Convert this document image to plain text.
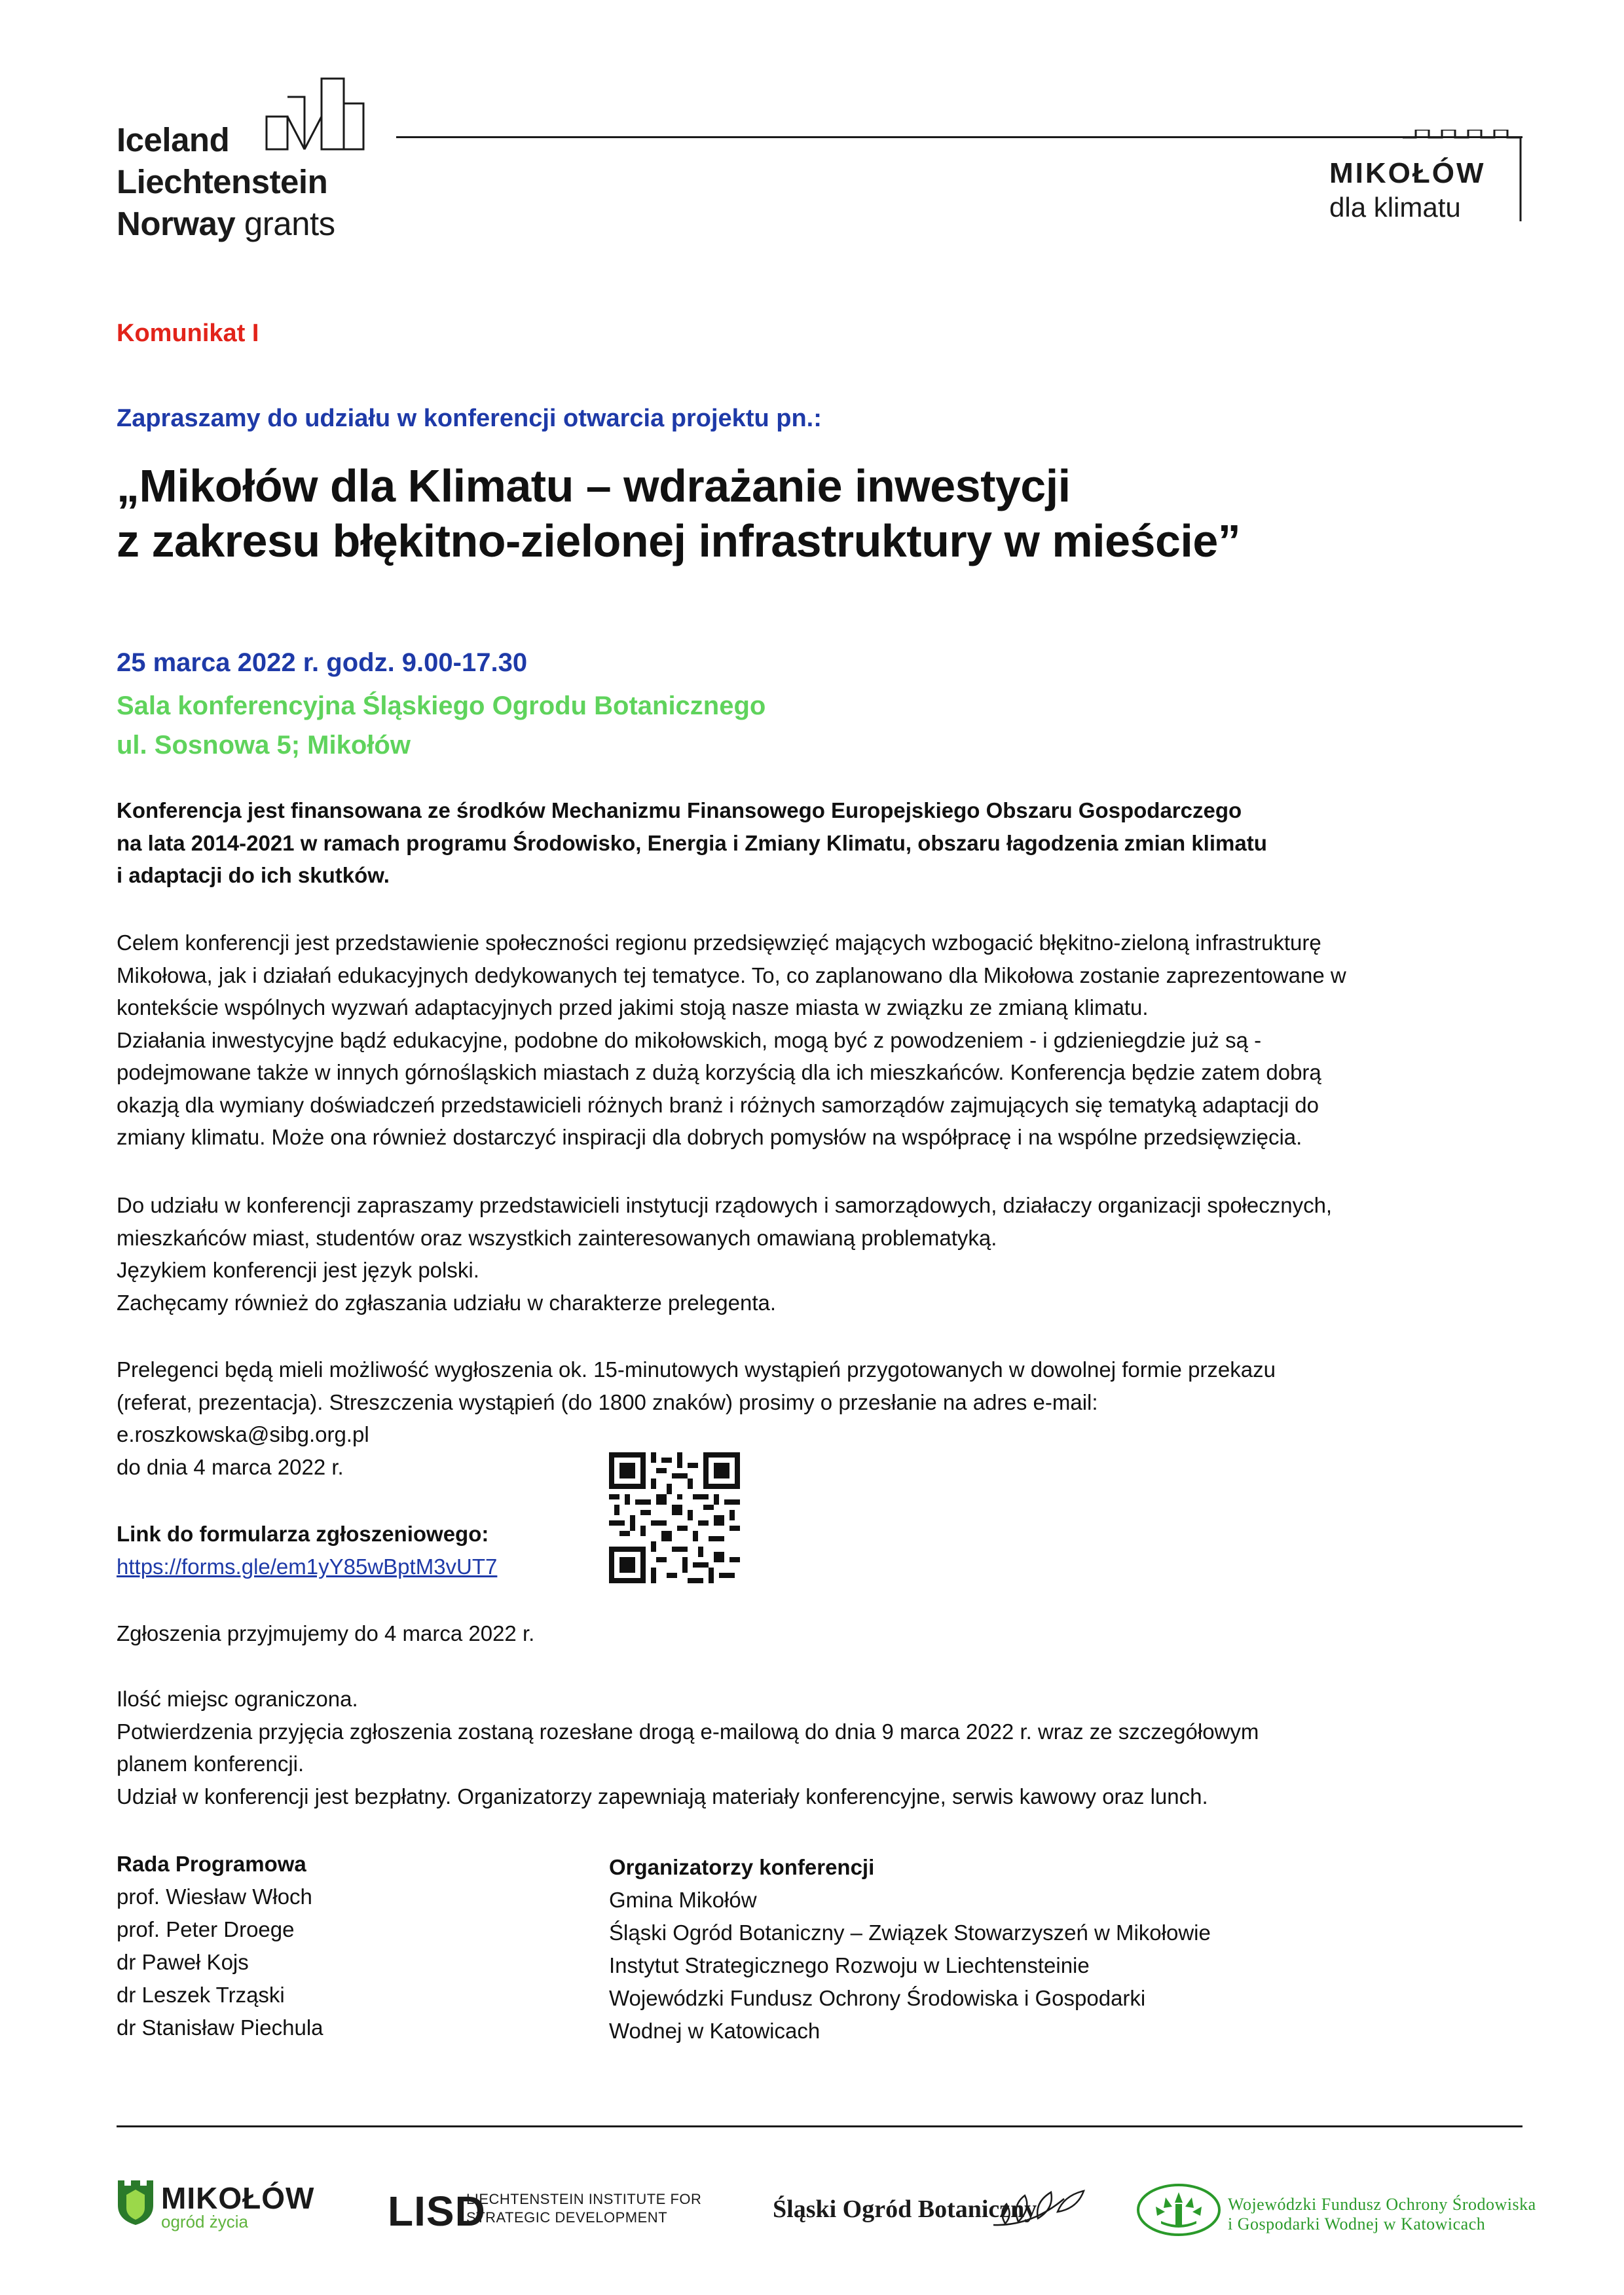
Iceland
Liechtenstein
Norway grants
MIKOŁÓW
dla klimatu
Komunikat I
Zapraszamy do udziału w konferencji otwarcia projektu pn.:
„Mikołów dla Klimatu – wdrażanie inwestycji
z zakresu błękitno-zielonej infrastruktury w mieście”
25 marca 2022 r. godz. 9.00-17.30
Sala konferencyjna Śląskiego Ogrodu Botanicznego
ul. Sosnowa 5; Mikołów
Konferencja jest finansowana ze środków Mechanizmu Finansowego Europejskiego Obszaru Gospodarczego
na lata 2014-2021 w ramach programu Środowisko, Energia i Zmiany Klimatu, obszaru łagodzenia zmian klimatu
i adaptacji do ich skutków.
Celem konferencji jest przedstawienie społeczności regionu przedsięwzięć mających wzbogacić błękitno-zieloną infrastrukturę
Mikołowa, jak i działań edukacyjnych dedykowanych tej tematyce. To, co zaplanowano dla Mikołowa zostanie zaprezentowane w
kontekście wspólnych wyzwań adaptacyjnych przed jakimi stoją nasze miasta w związku ze zmianą klimatu.
Działania inwestycyjne bądź edukacyjne, podobne do mikołowskich, mogą być z powodzeniem - i gdzieniegdzie już są -
podejmowane także w innych górnośląskich miastach z dużą korzyścią dla ich mieszkańców. Konferencja będzie zatem dobrą
okazją dla wymiany doświadczeń przedstawicieli różnych branż i różnych samorządów zajmujących się tematyką adaptacji do
zmiany klimatu. Może ona również dostarczyć inspiracji dla dobrych pomysłów na współpracę i na wspólne przedsięwzięcia.
Do udziału w konferencji zapraszamy przedstawicieli instytucji rządowych i samorządowych, działaczy organizacji społecznych,
mieszkańców miast, studentów oraz wszystkich zainteresowanych omawianą problematyką.
Językiem konferencji jest język polski.
Zachęcamy również do zgłaszania udziału w charakterze prelegenta.
Prelegenci będą mieli możliwość wygłoszenia ok. 15-minutowych wystąpień przygotowanych w dowolnej formie przekazu
(referat, prezentacja). Streszczenia wystąpień (do 1800 znaków) prosimy o przesłanie na adres e-mail:
e.roszkowska@sibg.org.pl
do dnia 4 marca 2022 r.
Link do formularza zgłoszeniowego:
https://forms.gle/em1yY85wBptM3vUT7
Zgłoszenia przyjmujemy do 4 marca 2022 r.
Ilość miejsc ograniczona.
Potwierdzenia przyjęcia zgłoszenia zostaną rozesłane drogą e-mailową do dnia 9 marca 2022 r. wraz ze szczegółowym
planem konferencji.
Udział w konferencji jest bezpłatny. Organizatorzy zapewniają materiały konferencyjne, serwis kawowy oraz lunch.
Rada Programowa
prof. Wiesław Włoch
prof. Peter Droege
dr Paweł Kojs
dr Leszek Trząski
dr Stanisław Piechula
Organizatorzy konferencji
Gmina Mikołów
Śląski Ogród Botaniczny – Związek Stowarzyszeń w Mikołowie
Instytut Strategicznego Rozwoju w Liechtensteinie
Wojewódzki Fundusz Ochrony Środowiska i Gospodarki
Wodnej w Katowicach
MIKOŁÓW
ogród życia	LISD
LIECHTENSTEIN INSTITUTE FOR
STRATEGIC DEVELOPMENT	Śląski Ogród Botaniczny	Wojewódzki Fundusz Ochrony Środowiska
i Gospodarki Wodnej w Katowicach
